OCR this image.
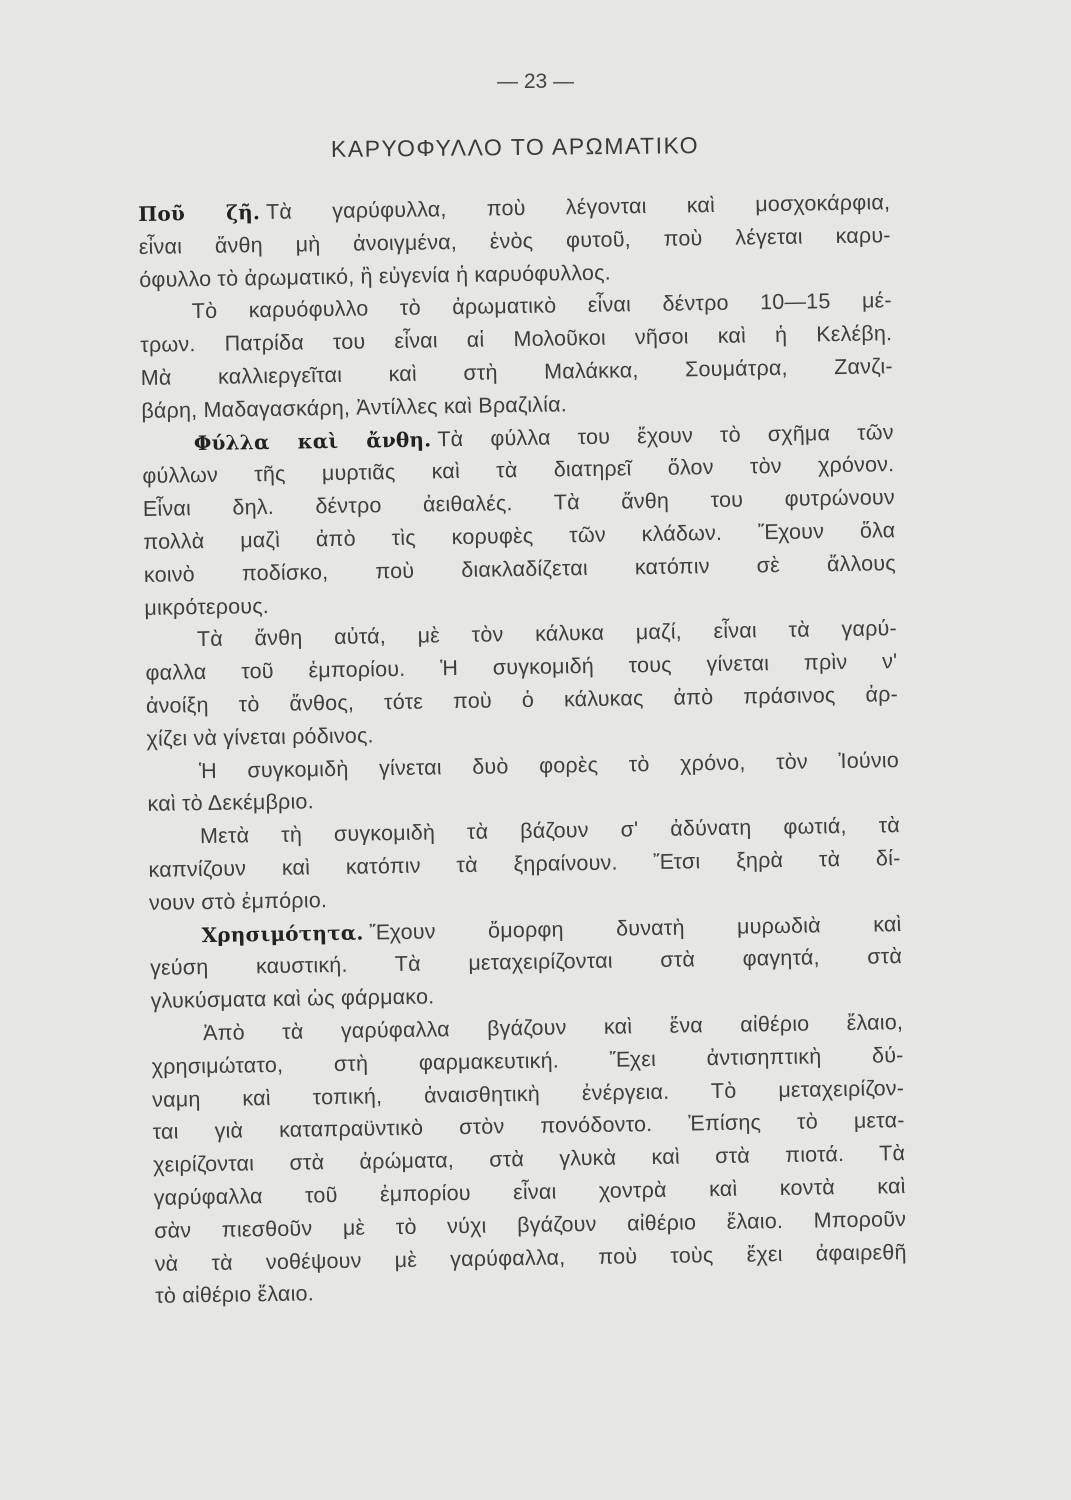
— 23 —
ΚΑΡΥΟΦΥΛΛΟ ΤΟ ΑΡΩΜΑΤΙΚΟ
Ποῦ ζῆ. Τὰ γαρύφυλλα, ποὺ λέγονται καὶ μοσχοκάρφια,
εἶναι ἄνθη μὴ ἀνοιγμένα, ἑνὸς φυτοῦ, ποὺ λέγεται καρυ-
όφυλλο τὸ ἀρωματικό, ἢ εὐγενία ἡ καρυόφυλλος.
Τὸ καρυόφυλλο τὸ ἀρωματικὸ εἶναι δέντρο 10—15 μέ-
τρων. Πατρίδα του εἶναι αἱ Μολοῦκοι νῆσοι καὶ ἡ Κελέβη.
Μὰ καλλιεργεῖται καὶ στὴ Μαλάκκα, Σουμάτρα, Ζανζι-
βάρη, Μαδαγασκάρη, Ἀντίλλες καὶ Βραζιλία.
Φύλλα καὶ ἄνθη. Τὰ φύλλα του ἔχουν τὸ σχῆμα τῶν
φύλλων τῆς μυρτιᾶς καὶ τὰ διατηρεῖ ὅλον τὸν χρόνον.
Εἶναι δηλ. δέντρο ἀειθαλές. Τὰ ἄνθη του φυτρώνουν
πολλὰ μαζὶ ἀπὸ τὶς κορυφὲς τῶν κλάδων. Ἔχουν ὅλα
κοινὸ ποδίσκο, ποὺ διακλαδίζεται κατόπιν σὲ ἄλλους
μικρότερους.
Τὰ ἄνθη αὐτά, μὲ τὸν κάλυκα μαζί, εἶναι τὰ γαρύ-
φαλλα τοῦ ἐμπορίου. Ἡ συγκομιδή τους γίνεται πρὶν ν'
ἀνοίξη τὸ ἄνθος, τότε ποὺ ὁ κάλυκας ἀπὸ πράσινος ἀρ-
χίζει νὰ γίνεται ρόδινος.
Ἡ συγκομιδὴ γίνεται δυὸ φορὲς τὸ χρόνο, τὸν Ἰούνιο
καὶ τὸ Δεκέμβριο.
Μετὰ τὴ συγκομιδὴ τὰ βάζουν σ' ἀδύνατη φωτιά, τὰ
καπνίζουν καὶ κατόπιν τὰ ξηραίνουν. Ἔτσι ξηρὰ τὰ δί-
νουν στὸ ἐμπόριο.
Χρησιμότητα. Ἔχουν ὄμορφη δυνατὴ μυρωδιὰ καὶ
γεύση καυστική. Τὰ μεταχειρίζονται στὰ φαγητά, στὰ
γλυκύσματα καὶ ὡς φάρμακο.
Ἀπὸ τὰ γαρύφαλλα βγάζουν καὶ ἕνα αἰθέριο ἔλαιο,
χρησιμώτατο, στὴ φαρμακευτική. Ἔχει ἀντισηπτικὴ δύ-
ναμη καὶ τοπική, ἀναισθητικὴ ἐνέργεια. Τὸ μεταχειρίζον-
ται γιὰ καταπραϋντικὸ στὸν πονόδοντο. Ἐπίσης τὸ μετα-
χειρίζονται στὰ ἀρώματα, στὰ γλυκὰ καὶ στὰ πιοτά. Τὰ
γαρύφαλλα τοῦ ἐμπορίου εἶναι χοντρὰ καὶ κοντὰ καὶ
σὰν πιεσθοῦν μὲ τὸ νύχι βγάζουν αἰθέριο ἔλαιο. Μποροῦν
νὰ τὰ νοθέψουν μὲ γαρύφαλλα, ποὺ τοὺς ἔχει ἀφαιρεθῆ
τὸ αἰθέριο ἔλαιο.
